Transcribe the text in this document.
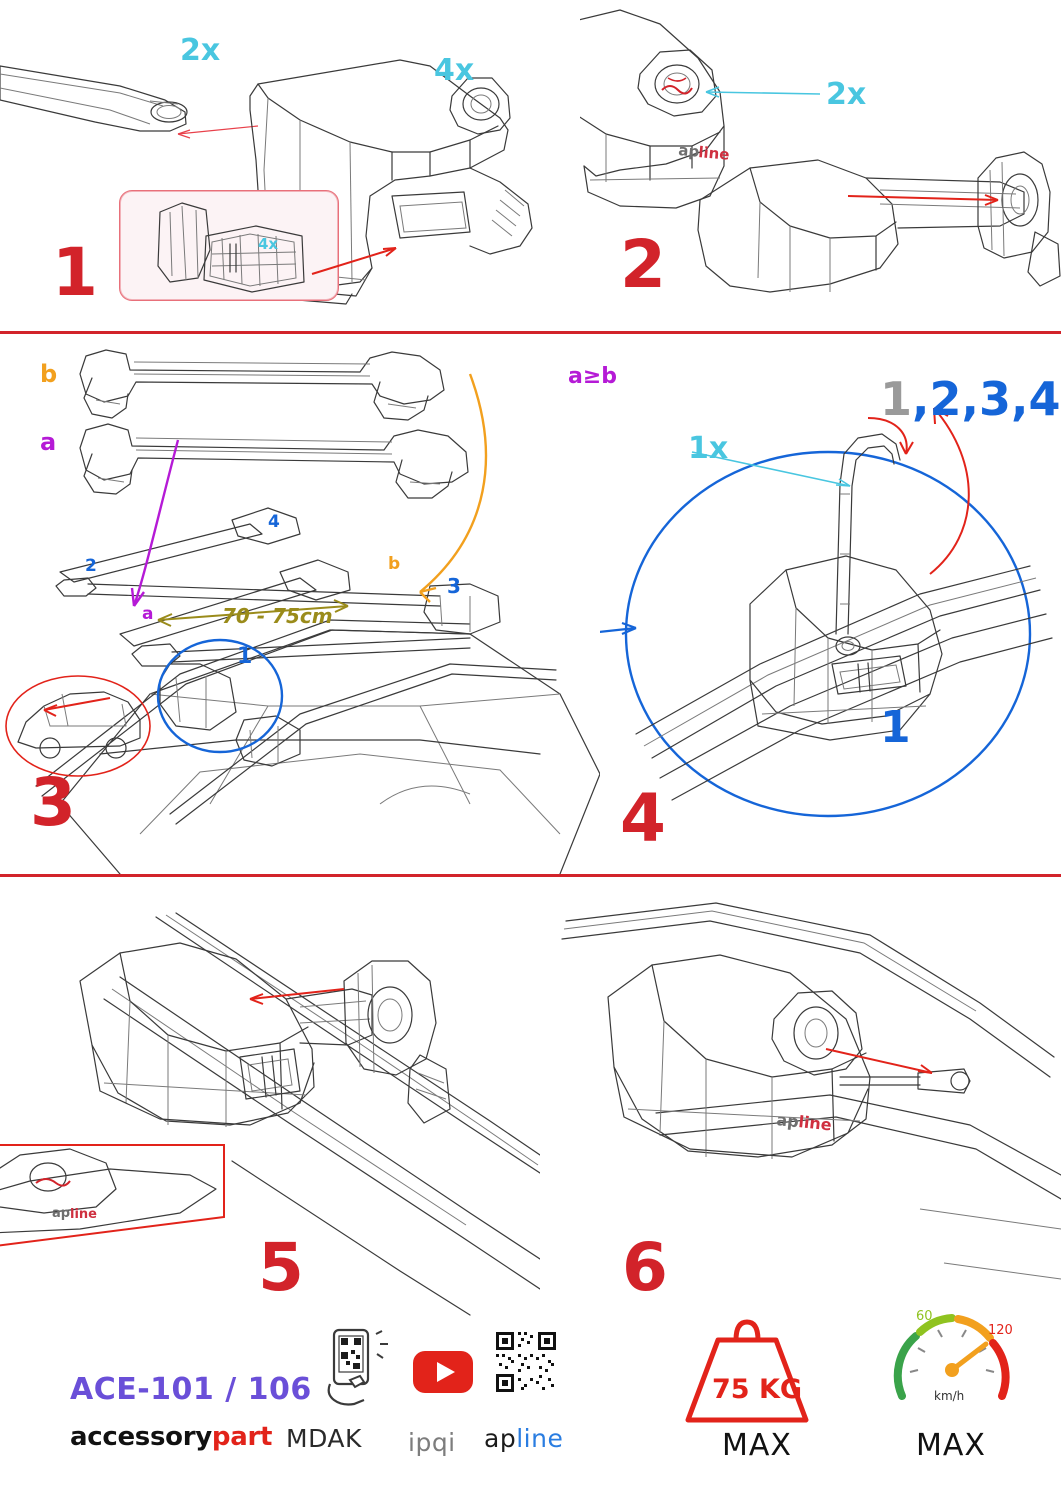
2x
4x
4x
1
ap
line
2x
2
b
a
a
b
70 - 75cm
1
2
3
4
3
a≥b
1x
1
4
1,2,3,4
ap line
5
ap
line
6
ACE-101 / 106
accessorypart MDAK ipqi apline
75 KG
MAX
60
120
km/h
MAX
